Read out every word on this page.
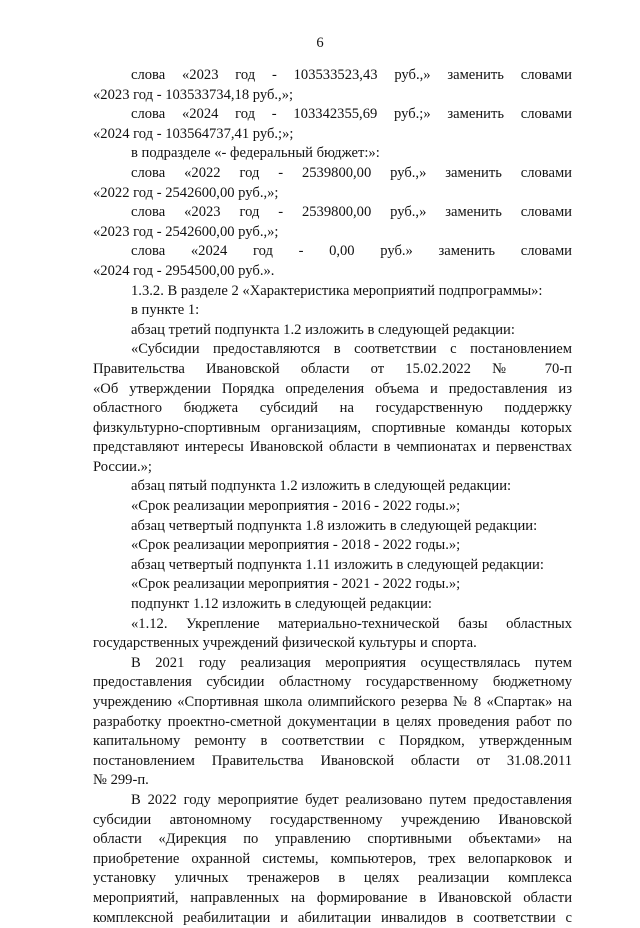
6
слова «2023 год - 103533523,43 руб.,» заменить словами
«2023 год - 103533734,18 руб.,»;
слова «2024 год - 103342355,69 руб.;» заменить словами
«2024 год - 103564737,41 руб.;»;
в подразделе «- федеральный бюджет:»:
слова «2022 год - 2539800,00 руб.,» заменить словами
«2022 год - 2542600,00 руб.,»;
слова «2023 год - 2539800,00 руб.,» заменить словами
«2023 год - 2542600,00 руб.,»;
слова «2024 год - 0,00 руб.» заменить словами
«2024 год - 2954500,00 руб.».
1.3.2. В разделе 2 «Характеристика мероприятий подпрограммы»:
в пункте 1:
абзац третий подпункта 1.2 изложить в следующей редакции:
«Субсидии предоставляются в соответствии с постановлением
Правительства Ивановской области от 15.02.2022 № 70-п
«Об утверждении Порядка определения объема и предоставления из
областного бюджета субсидий на государственную поддержку
физкультурно-спортивным организациям, спортивные команды которых
представляют интересы Ивановской области в чемпионатах и первенствах
России.»;
абзац пятый подпункта 1.2 изложить в следующей редакции:
«Срок реализации мероприятия - 2016 - 2022 годы.»;
абзац четвертый подпункта 1.8 изложить в следующей редакции:
«Срок реализации мероприятия - 2018 - 2022 годы.»;
абзац четвертый подпункта 1.11 изложить в следующей редакции:
«Срок реализации мероприятия - 2021 - 2022 годы.»;
подпункт 1.12 изложить в следующей редакции:
«1.12. Укрепление материально-технической базы областных
государственных учреждений физической культуры и спорта.
В 2021 году реализация мероприятия осуществлялась путем
предоставления субсидии областному государственному бюджетному
учреждению «Спортивная школа олимпийского резерва № 8 «Спартак» на
разработку проектно-сметной документации в целях проведения работ по
капитальному ремонту в соответствии с Порядком, утвержденным
постановлением Правительства Ивановской области от 31.08.2011
№ 299-п.
В 2022 году мероприятие будет реализовано путем предоставления
субсидии автономному государственному учреждению Ивановской
области «Дирекция по управлению спортивными объектами» на
приобретение охранной системы, компьютеров, трех велопарковок и
установку уличных тренажеров в целях реализации комплекса
мероприятий, направленных на формирование в Ивановской области
комплексной реабилитации и абилитации инвалидов в соответствии с
